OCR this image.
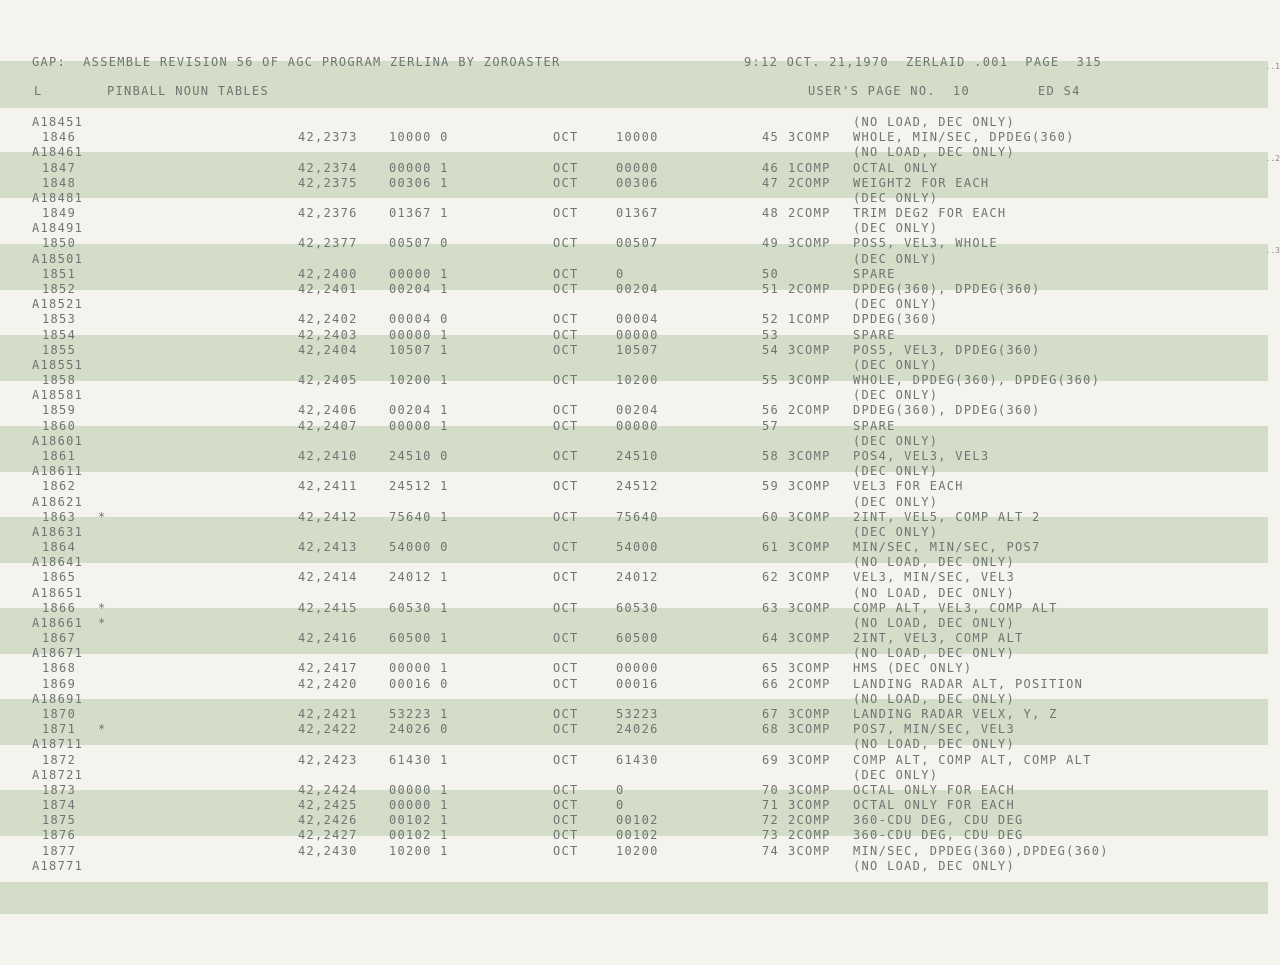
GAP:  ASSEMBLE REVISION 56 OF AGC PROGRAM ZERLINA BY ZOROASTER	9:12 OCT. 21,1970  ZERLAID .001  PAGE  315
L	PINBALL NOUN TABLES	USER'S PAGE NO.  10	ED S4
..1
..2
..3
A18451	(NO LOAD, DEC ONLY)
1846	42,2373	10000 0	OCT	10000	45 3COMP WHOLE, MIN/SEC, DPDEG(360)
A18461	(NO LOAD, DEC ONLY)
1847	42,2374	00000 1	OCT	00000	46 1COMP OCTAL ONLY
1848	42,2375	00306 1	OCT	00306	47 2COMP WEIGHT2 FOR EACH
A18481	(DEC ONLY)
1849	42,2376	01367 1	OCT	01367	48 2COMP TRIM DEG2 FOR EACH
A18491	(DEC ONLY)
1850	42,2377	00507 0	OCT	00507	49 3COMP POS5, VEL3, WHOLE
A18501	(DEC ONLY)
1851	42,2400	00000 1	OCT	0	50	SPARE
1852	42,2401	00204 1	OCT	00204	51 2COMP DPDEG(360), DPDEG(360)
A18521	(DEC ONLY)
1853	42,2402	00004 0	OCT	00004	52 1COMP DPDEG(360)
1854	42,2403	00000 1	OCT	00000	53	SPARE
1855	42,2404	10507 1	OCT	10507	54 3COMP POS5, VEL3, DPDEG(360)
A18551	(DEC ONLY)
1858	42,2405	10200 1	OCT	10200	55 3COMP WHOLE, DPDEG(360), DPDEG(360)
A18581	(DEC ONLY)
1859	42,2406	00204 1	OCT	00204	56 2COMP DPDEG(360), DPDEG(360)
1860	42,2407	00000 1	OCT	00000	57	SPARE
A18601	(DEC ONLY)
1861	42,2410	24510 0	OCT	24510	58 3COMP POS4, VEL3, VEL3
A18611	(DEC ONLY)
1862	42,2411	24512 1	OCT	24512	59 3COMP VEL3 FOR EACH
A18621	(DEC ONLY)
1863 *	42,2412	75640 1	OCT	75640	60 3COMP 2INT, VEL5, COMP ALT 2
A18631	(DEC ONLY)
1864	42,2413	54000 0	OCT	54000	61 3COMP MIN/SEC, MIN/SEC, POS7
A18641	(NO LOAD, DEC ONLY)
1865	42,2414	24012 1	OCT	24012	62 3COMP VEL3, MIN/SEC, VEL3
A18651	(NO LOAD, DEC ONLY)
1866 *	42,2415	60530 1	OCT	60530	63 3COMP COMP ALT, VEL3, COMP ALT
A18661 *	(NO LOAD, DEC ONLY)
1867	42,2416	60500 1	OCT	60500	64 3COMP 2INT, VEL3, COMP ALT
A18671	(NO LOAD, DEC ONLY)
1868	42,2417	00000 1	OCT	00000	65 3COMP HMS (DEC ONLY)
1869	42,2420	00016 0	OCT	00016	66 2COMP LANDING RADAR ALT, POSITION
A18691	(NO LOAD, DEC ONLY)
1870	42,2421	53223 1	OCT	53223	67 3COMP LANDING RADAR VELX, Y, Z
1871 *	42,2422	24026 0	OCT	24026	68 3COMP POS7, MIN/SEC, VEL3
A18711	(NO LOAD, DEC ONLY)
1872	42,2423	61430 1	OCT	61430	69 3COMP COMP ALT, COMP ALT, COMP ALT
A18721	(DEC ONLY)
1873	42,2424	00000 1	OCT	0	70 3COMP OCTAL ONLY FOR EACH
1874	42,2425	00000 1	OCT	0	71 3COMP OCTAL ONLY FOR EACH
1875	42,2426	00102 1	OCT	00102	72 2COMP 360-CDU DEG, CDU DEG
1876	42,2427	00102 1	OCT	00102	73 2COMP 360-CDU DEG, CDU DEG
1877	42,2430	10200 1	OCT	10200	74 3COMP MIN/SEC, DPDEG(360),DPDEG(360)
A18771	(NO LOAD, DEC ONLY)
